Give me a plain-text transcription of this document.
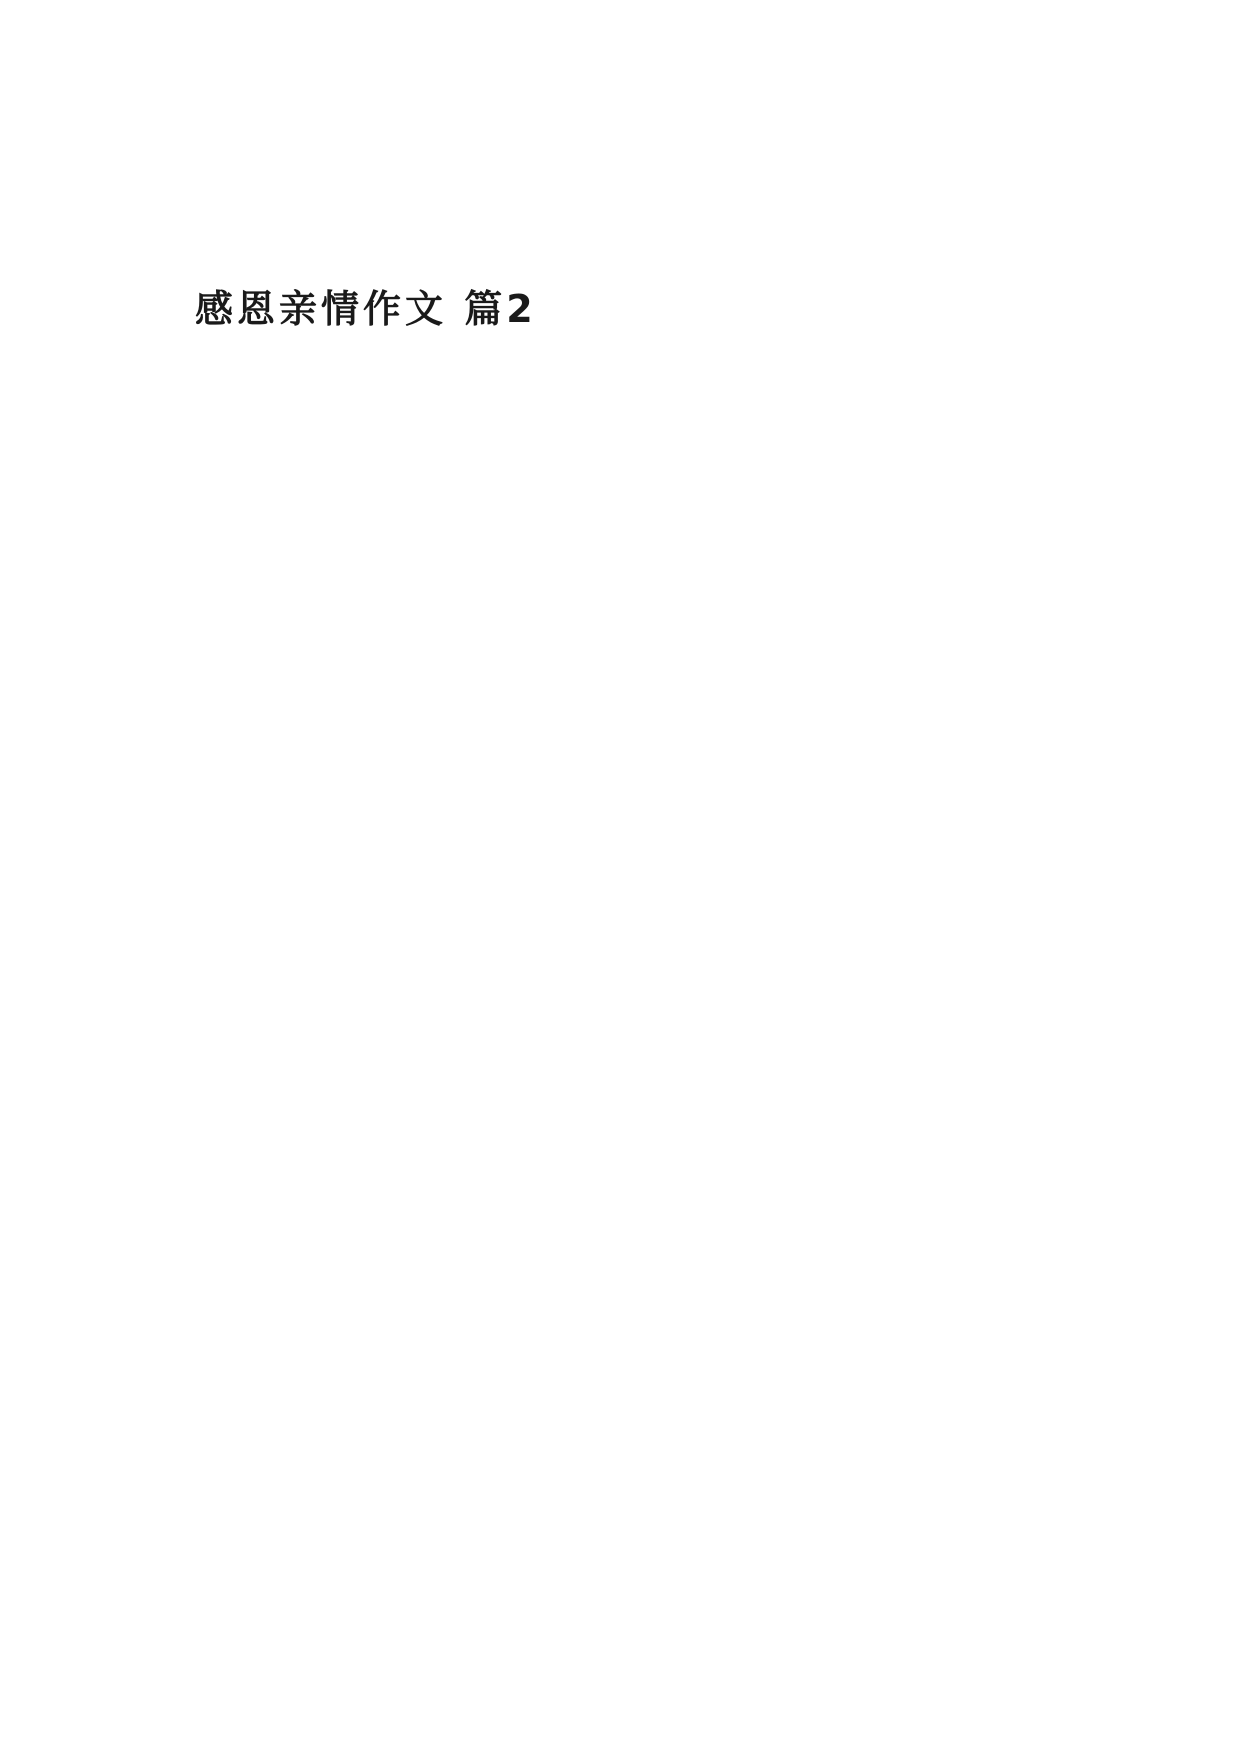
感恩亲情作文 篇2
